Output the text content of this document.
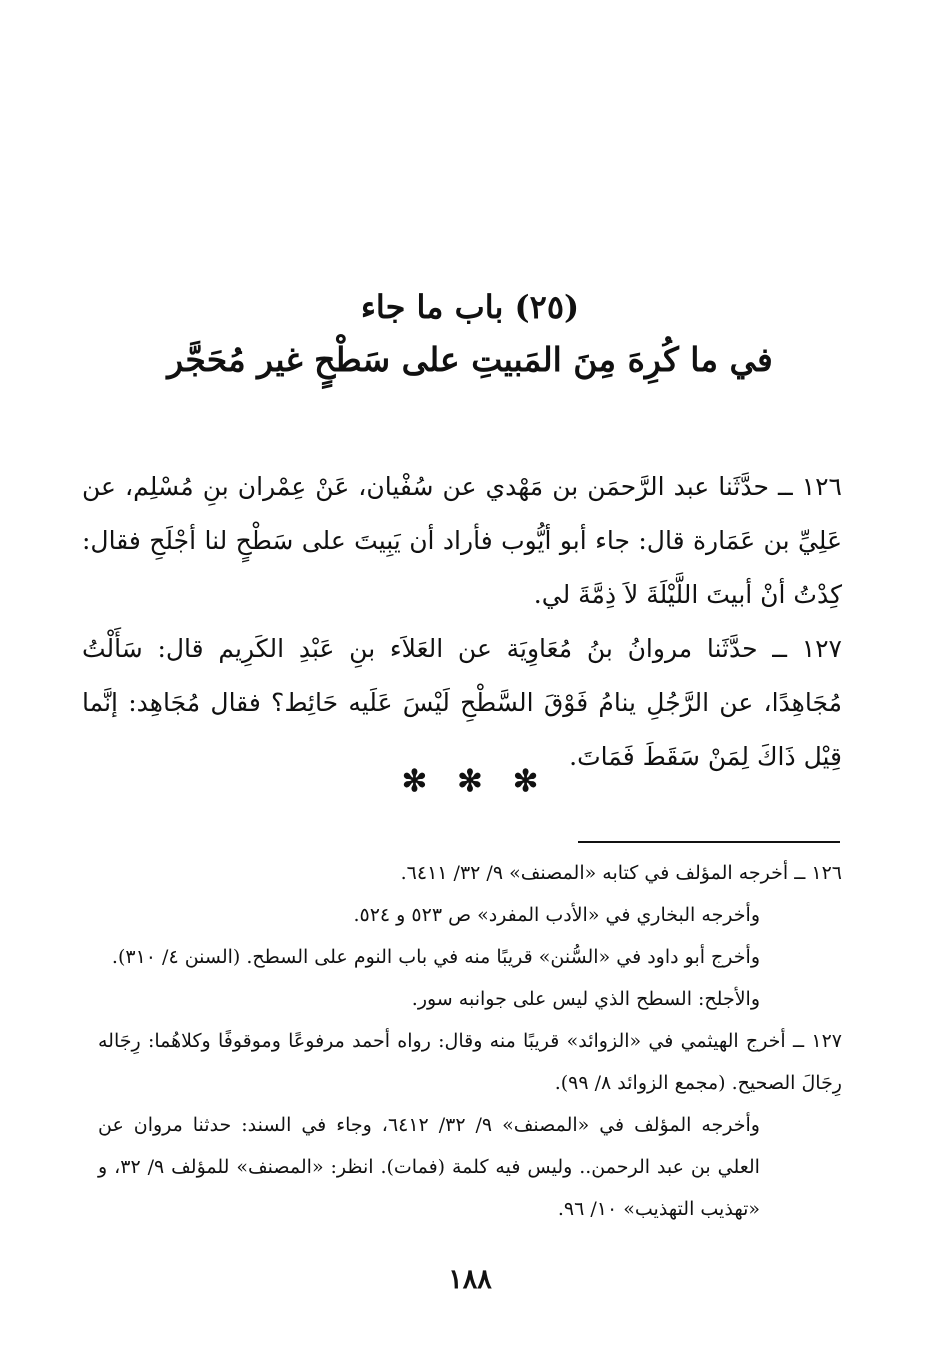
(٢٥) باب ما جاء
في ما كُرِهَ مِنَ المَبيتِ على سَطْحٍ غير مُحَجَّر

١٢٦ ــ حدَّثَنا عبد الرَّحمَن بن مَهْدي عن سُفْيان، عَنْ عِمْران بنِ مُسْلِم، عن عَلِيِّ بن عَمَارة قال: جاء أبو أيُّوب فأراد أن يَبِيتَ على سَطْحٍ لنا أجْلَحِ فقال: كِدْتُ أنْ أبيتَ اللَّيْلَةَ لاَ ذِمَّةَ لي.

١٢٧ ــ حدَّثَنا مروانُ بنُ مُعَاوِيَة عن العَلاَء بنِ عَبْدِ الكَرِيم قال: سَأَلْتُ مُجَاهِدًا، عن الرَّجُلِ ينامُ فَوْقَ السَّطْحِ لَيْسَ عَلَيه حَائِط؟ فقال مُجَاهِد: إنَّما قِيْل ذَاكَ لِمَنْ سَقَطَ فَمَاتَ.

✻ ✻ ✻

١٢٦ ــ أخرجه المؤلف في كتابه «المصنف» ٩/ ٣٢/ ٦٤١١.

وأخرجه البخاري في «الأدب المفرد» ص ٥٢٣ و ٥٢٤.

وأخرج أبو داود في «السُّنن» قريبًا منه في باب النوم على السطح. (السنن ٤/ ٣١٠).

والأجلح: السطح الذي ليس على جوانبه سور.

١٢٧ ــ أخرج الهيثمي في «الزوائد» قريبًا منه وقال: رواه أحمد مرفوعًا وموقوفًا وكلاهُما: رِجَاله رِجَالَ الصحيح. (مجمع الزوائد ٨/ ٩٩).

وأخرجه المؤلف في «المصنف» ٩/ ٣٢/ ٦٤١٢، وجاء في السند: حدثنا مروان عن العلي بن عبد الرحمن.. وليس فيه كلمة (فمات). انظر: «المصنف» للمؤلف ٩/ ٣٢، و «تهذيب التهذيب» ١٠/ ٩٦.

١٨٨
